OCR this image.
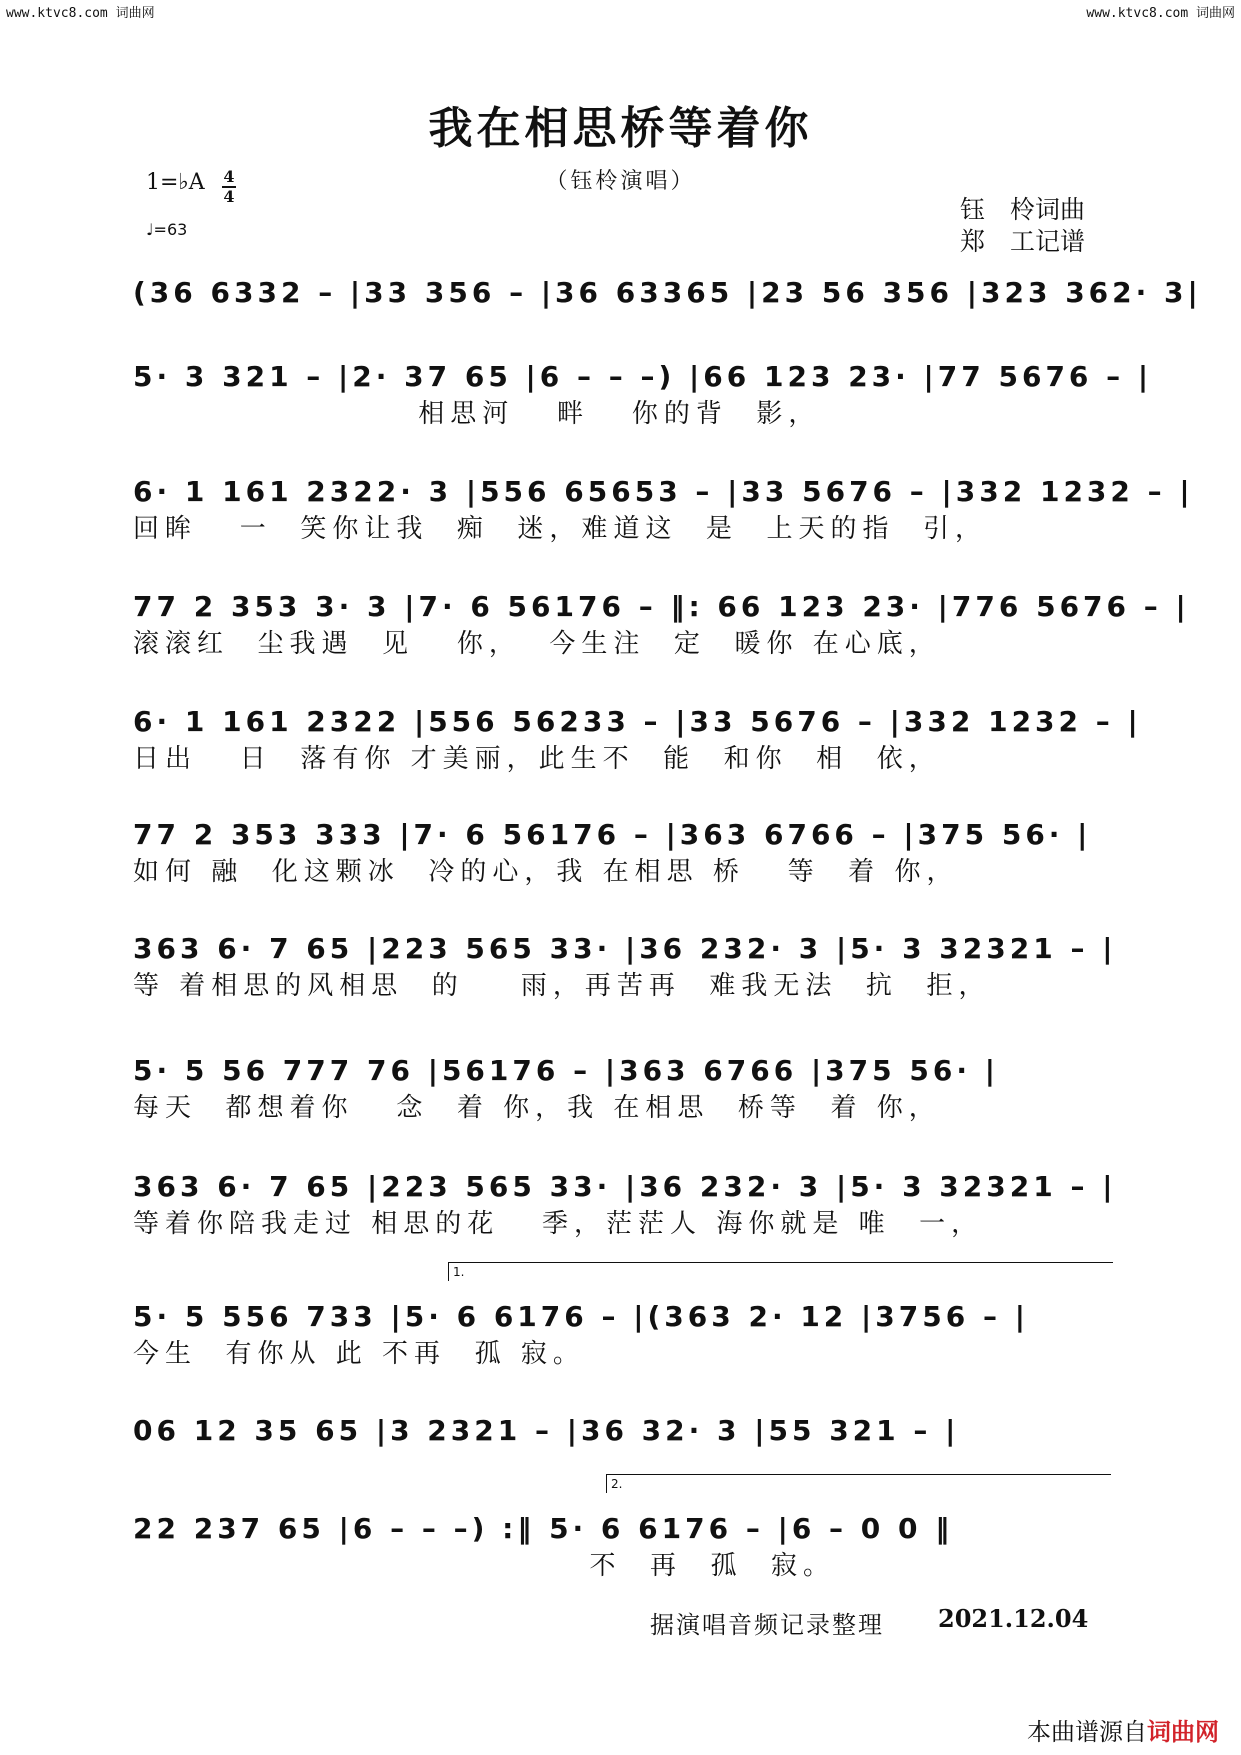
www.ktvc8.com 词曲网	www.ktvc8.com 词曲网
我在相思桥等着你
（钰柃演唱）
1=♭A 4
4
♩=63
钰　柃词曲
郑　工记谱
(36 6332 – |33 356 – |36 63365 |23 56 356 |323 362· 3|
5· 3 321 – |2· 37 65 |6 – – –) |66 123 23· |77 5676 – |
相思河   畔   你的背  影，
6· 1 161 2322· 3 |556 65653 – |33 5676 – |332 1232 – |
回眸   一  笑你让我  痴  迷，难道这  是  上天的指  引，
77 2 353 3· 3 |7· 6 56176 – ‖: 66 123 23· |776 5676 – |
滚滚红  尘我遇  见   你，  今生注  定  暖你 在心底，
6· 1 161 2322 |556 56233 – |33 5676 – |332 1232 – |
日出   日  落有你 才美丽，此生不  能  和你  相  依，
77 2 353 333 |7· 6 56176 – |363 6766 – |375 56· |
如何 融  化这颗冰  冷的心，我 在相思 桥   等  着 你，
363 6· 7 65 |223 565 33· |36 232· 3 |5· 3 32321 – |
等 着相思的风相思  的    雨，再苦再  难我无法  抗  拒，
5· 5 56 777 76 |56176 – |363 6766 |375 56· |
每天  都想着你   念  着 你，我 在相思  桥等  着 你，
363 6· 7 65 |223 565 33· |36 232· 3 |5· 3 32321 – |
等着你陪我走过 相思的花   季，茫茫人 海你就是 唯  一，
1.
5· 5 556 733 |5· 6 6176 – |(363 2· 12 |3756 – |
今生  有你从 此 不再  孤 寂。
06 12 35 65 |3 2321 – |36 32· 3 |55 321 – |
2.
22 237 65 |6 – – –) :‖ 5· 6 6176 – |6 – 0 0 ‖
不  再  孤  寂。
据演唱音频记录整理 2021.12.04
本曲谱源自词曲网
